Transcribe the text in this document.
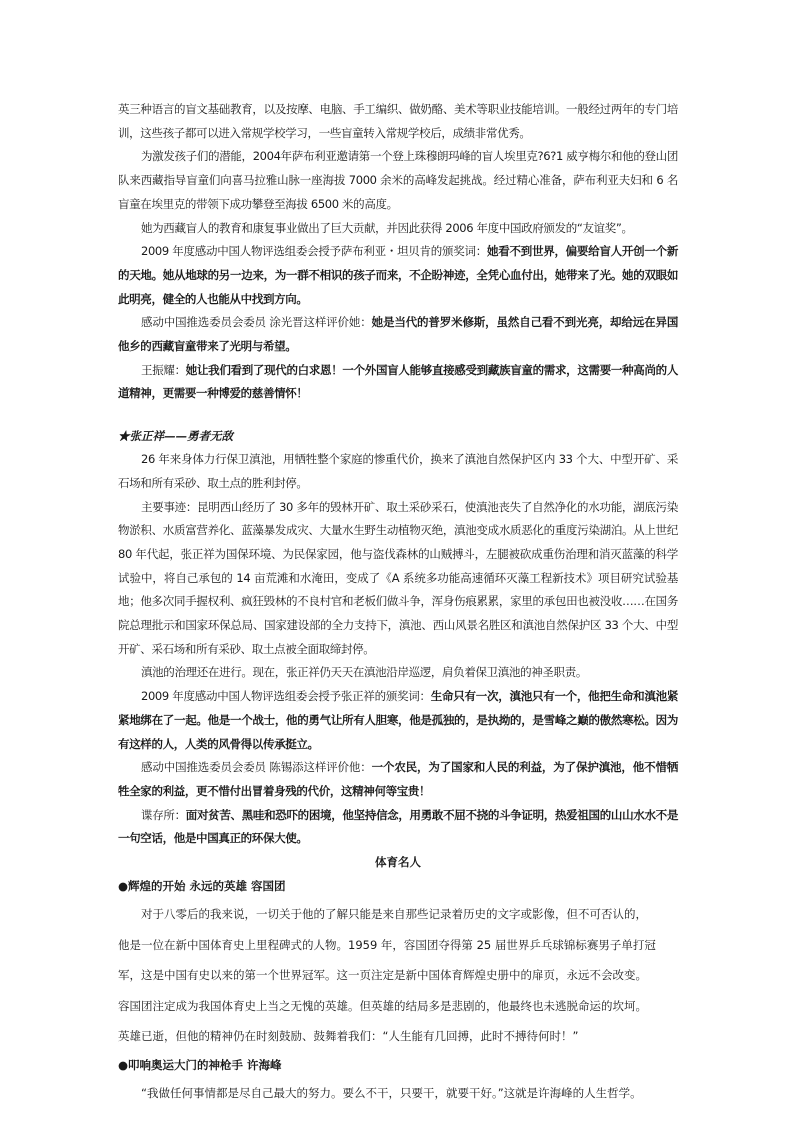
英三种语言的盲文基础教育，以及按摩、电脑、手工编织、做奶酪、美术等职业技能培训。一般经过两年的专门培训，这些孩子都可以进入常规学校学习，一些盲童转入常规学校后，成绩非常优秀。

为激发孩子们的潜能，2004年萨布利亚邀请第一个登上珠穆朗玛峰的盲人埃里克?6?1 威亨梅尔和他的登山团队来西藏指导盲童们向喜马拉雅山脉一座海拔 7000 余米的高峰发起挑战。经过精心准备，萨布利亚夫妇和 6 名盲童在埃里克的带领下成功攀登至海拔 6500 米的高度。

她为西藏盲人的教育和康复事业做出了巨大贡献，并因此获得 2006 年度中国政府颁发的“友谊奖”。

2009 年度感动中国人物评选组委会授予萨布利亚・坦贝肯的颁奖词：她看不到世界，偏要给盲人开创一个新的天地。她从地球的另一边来，为一群不相识的孩子而来，不企盼神迹，全凭心血付出，她带来了光。她的双眼如此明亮，健全的人也能从中找到方向。

感动中国推选委员会委员 涂光晋这样评价她：她是当代的普罗米修斯，虽然自己看不到光亮，却给远在异国他乡的西藏盲童带来了光明与希望。

王振耀：她让我们看到了现代的白求恩！一个外国盲人能够直接感受到藏族盲童的需求，这需要一种高尚的人道精神，更需要一种博爱的慈善情怀！

★张正祥——勇者无敌

26 年来身体力行保卫滇池，用牺牲整个家庭的惨重代价，换来了滇池自然保护区内 33 个大、中型开矿、采石场和所有采砂、取土点的胜利封停。

主要事迹：昆明西山经历了 30 多年的毁林开矿、取土采砂采石，使滇池丧失了自然净化的水功能，湖底污染物淤积、水质富营养化、蓝藻暴发成灾、大量水生野生动植物灭绝，滇池变成水质恶化的重度污染湖泊。从上世纪 80 年代起，张正祥为国保环境、为民保家园，他与盗伐森林的山贼搏斗，左腿被砍成重伤治理和消灭蓝藻的科学试验中，将自己承包的 14 亩荒滩和水淹田，变成了《A 系统多功能高速循环灭藻工程新技术》项目研究试验基地；他多次同手握权利、疯狂毁林的不良村官和老板们做斗争，浑身伤痕累累，家里的承包田也被没收……在国务院总理批示和国家环保总局、国家建设部的全力支持下，滇池、西山风景名胜区和滇池自然保护区 33 个大、中型开矿、采石场和所有采砂、取土点被全面取缔封停。

滇池的治理还在进行。现在，张正祥仍天天在滇池沿岸巡逻，肩负着保卫滇池的神圣职责。

2009 年度感动中国人物评选组委会授予张正祥的颁奖词：生命只有一次，滇池只有一个，他把生命和滇池紧紧地绑在了一起。他是一个战士，他的勇气让所有人胆寒，他是孤独的，是执拗的，是雪峰之巅的傲然寒松。因为有这样的人，人类的风骨得以传承挺立。

感动中国推选委员会委员 陈锡添这样评价他：一个农民，为了国家和人民的利益，为了保护滇池，他不惜牺牲全家的利益，更不惜付出冒着身残的代价，这精神何等宝贵！

谍存所：面对贫苦、黑哇和恐吓的困境，他坚持信念，用勇敢不屈不挠的斗争证明，热爱祖国的山山水水不是一句空话，他是中国真正的环保大使。

体育名人

●辉煌的开始 永远的英雄 容国团

对于八零后的我来说，一切关于他的了解只能是来自那些记录着历史的文字或影像，但不可否认的，

他是一位在新中国体育史上里程碑式的人物。1959 年，容国团夺得第 25 届世界乒乓球锦标赛男子单打冠

军，这是中国有史以来的第一个世界冠军。这一页注定是新中国体育辉煌史册中的扉页，永远不会改变。

容国团注定成为我国体育史上当之无愧的英雄。但英雄的结局多是悲剧的，他最终也未逃脱命运的坎坷。

英雄已逝，但他的精神仍在时刻鼓励、鼓舞着我们：“人生能有几回搏，此时不搏待何时！”

●叩响奥运大门的神枪手 许海峰

“我做任何事情都是尽自己最大的努力。要么不干，只要干，就要干好。”这就是许海峰的人生哲学。
